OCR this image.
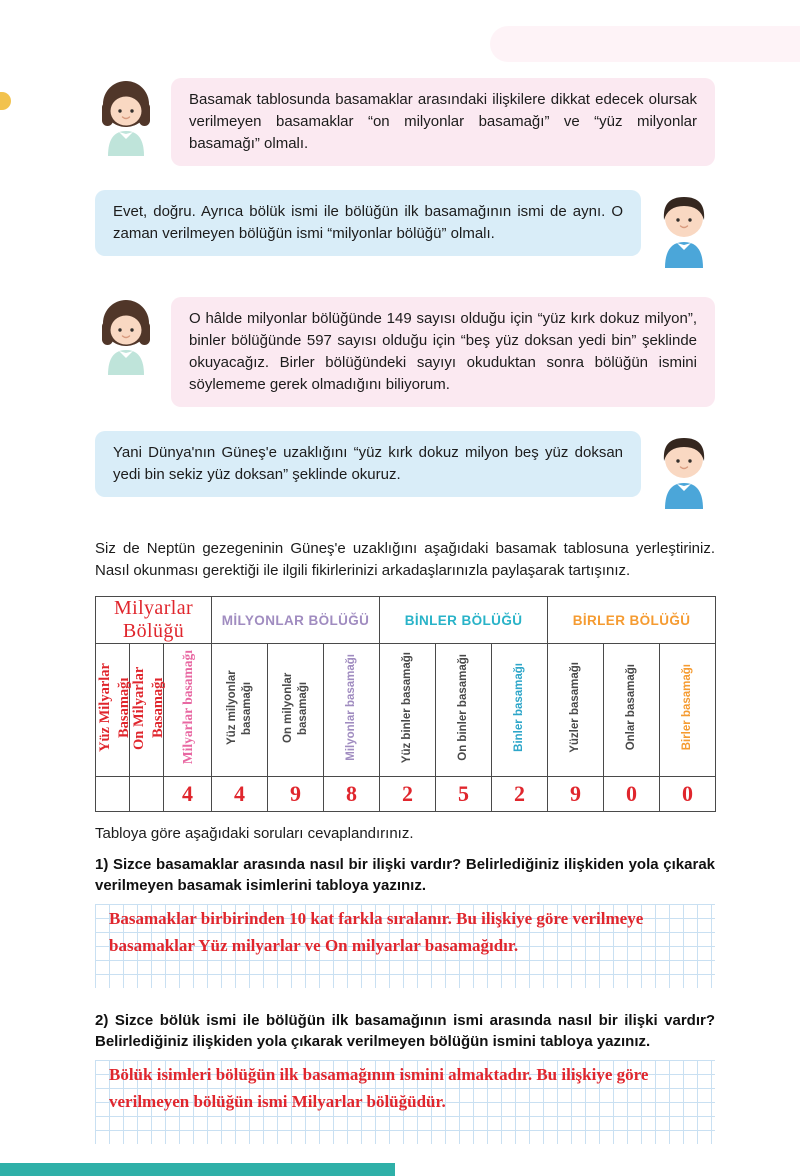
Basamak tablosunda basamaklar arasındaki ilişkilere dikkat edecek olursak verilmeyen basamaklar “on milyonlar basamağı” ve “yüz milyonlar basamağı” olmalı.
Evet, doğru. Ayrıca bölük ismi ile bölüğün ilk basamağının ismi de aynı. O zaman verilmeyen bölüğün ismi “milyonlar bölüğü” olmalı.
O hâlde milyonlar bölüğünde 149 sayısı olduğu için “yüz kırk dokuz milyon”, binler bölüğünde 597 sayısı olduğu için “beş yüz doksan yedi bin” şeklinde okuyacağız. Birler bölüğündeki sayıyı okuduktan sonra bölüğün ismini söylememe gerek olmadığını biliyorum.
Yani Dünya'nın Güneş'e uzaklığını “yüz kırk dokuz milyon beş yüz doksan yedi bin sekiz yüz doksan” şeklinde okuruz.

Siz de Neptün gezegeninin Güneş'e uzaklığını aşağıdaki basamak tablosuna yerleştiriniz. Nasıl okunması gerektiği ile ilgili fikirlerinizi arkadaşlarınızla paylaşarak tartışınız.

Milyarlar Bölüğü			MİLYONLAR BÖLÜĞÜ			BİNLER BÖLÜĞÜ			BİRLER BÖLÜĞÜ		
Yüz Milyarlar Basamağı	On Milyarlar Basamağı	Milyarlar basamağı	Yüz milyonlar basamağı	On milyonlar basamağı	Milyonlar basamağı	Yüz binler basamağı	On binler basamağı	Binler basamağı	Yüzler basamağı	Onlar basamağı	Birler basamağı
		4	4	9	8	2	5	2	9	0	0

Tabloya göre aşağıdaki soruları cevaplandırınız.

1) Sizce basamaklar arasında nasıl bir ilişki vardır? Belirlediğiniz ilişkiden yola çıkarak verilmeyen basamak isimlerini tabloya yazınız.

Basamaklar birbirinden 10 kat farkla sıralanır. Bu ilişkiye göre verilmeye basamaklar Yüz milyarlar ve On milyarlar basamağıdır.

2) Sizce bölük ismi ile bölüğün ilk basamağının ismi arasında nasıl bir ilişki vardır? Belirlediğiniz ilişkiden yola çıkarak verilmeyen bölüğün ismini tabloya yazınız.

Bölük isimleri bölüğün ilk basamağının ismini almaktadır. Bu ilişkiye göre verilmeyen bölüğün ismi Milyarlar bölüğüdür.
